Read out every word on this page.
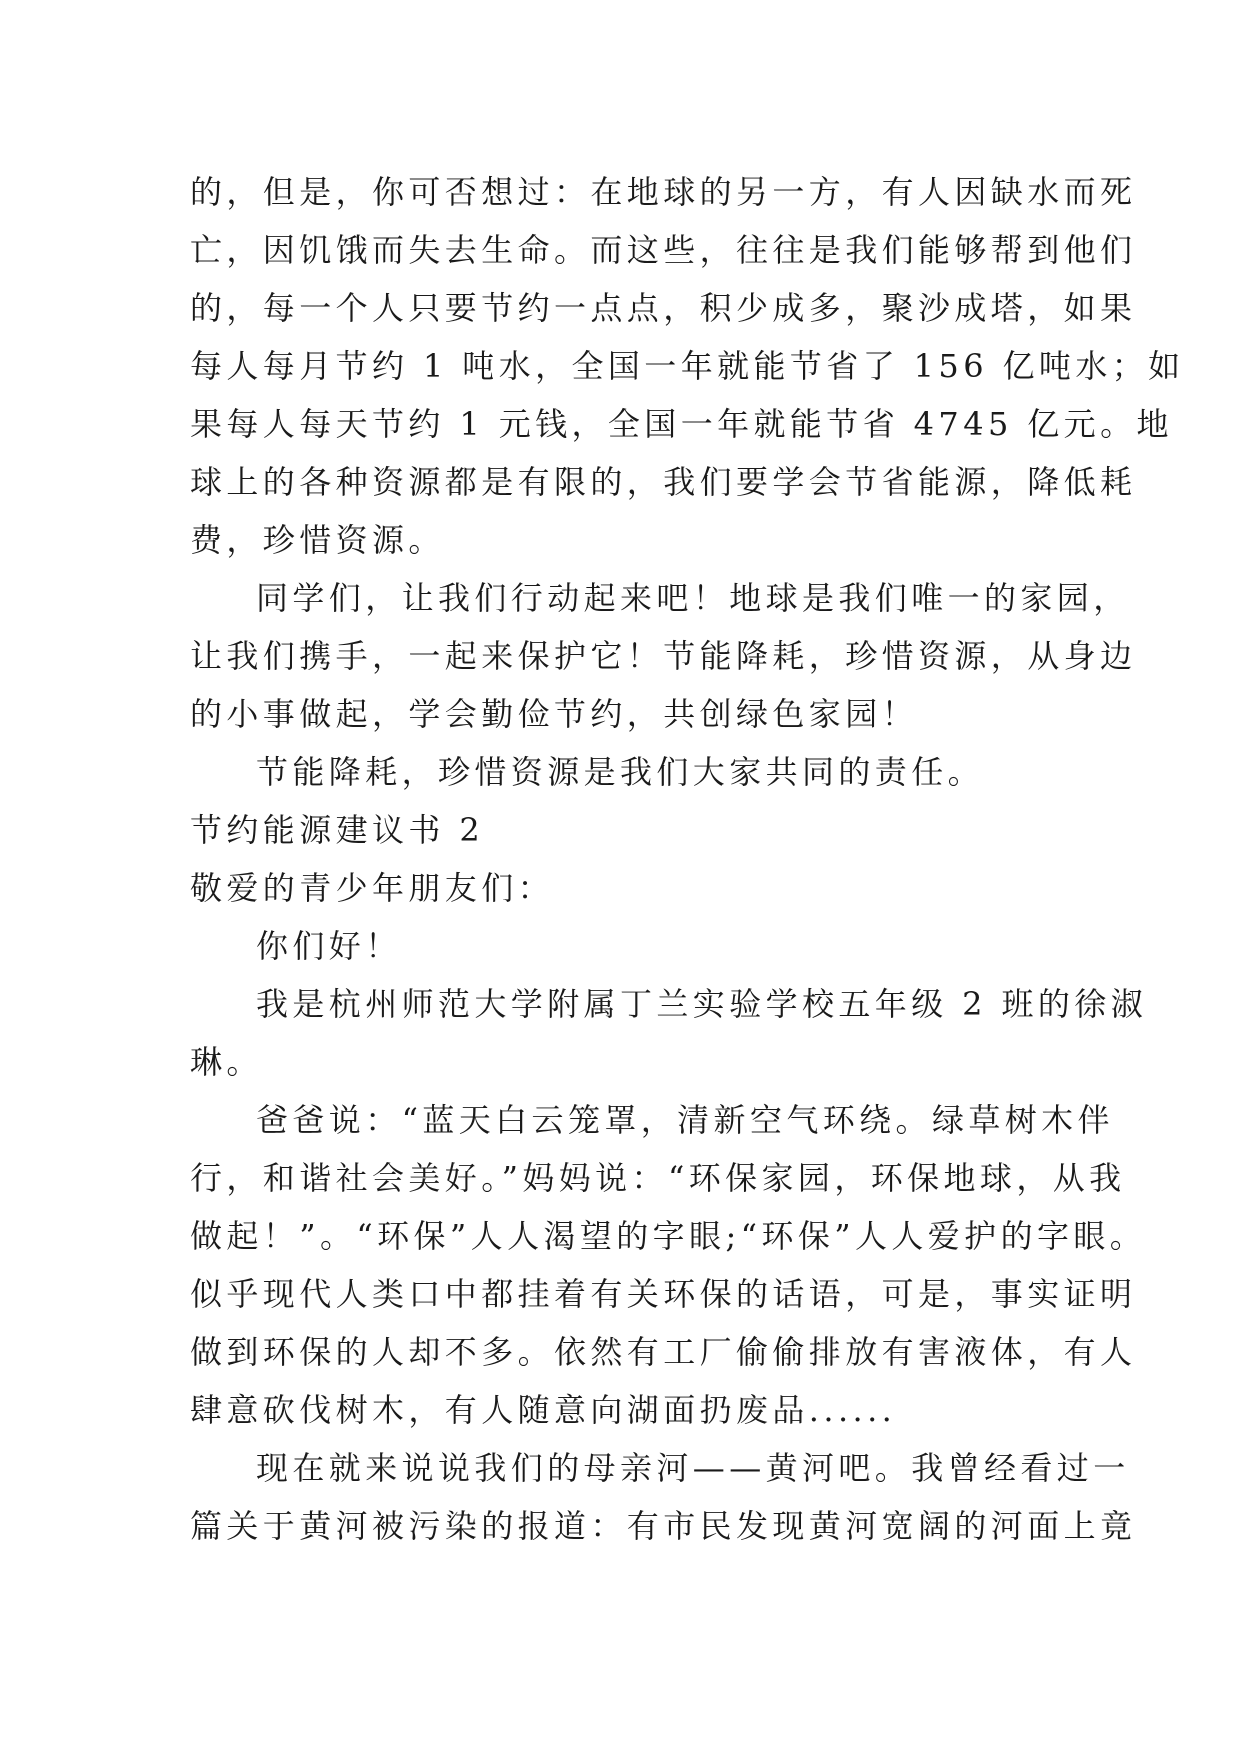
的，但是，你可否想过：在地球的另一方，有人因缺水而死

亡，因饥饿而失去生命。而这些，往往是我们能够帮到他们

的，每一个人只要节约一点点，积少成多，聚沙成塔，如果

每人每月节约 1 吨水，全国一年就能节省了 156 亿吨水；如

果每人每天节约 1 元钱，全国一年就能节省 4745 亿元。地

球上的各种资源都是有限的，我们要学会节省能源，降低耗

费，珍惜资源。

同学们，让我们行动起来吧！地球是我们唯一的家园，

让我们携手，一起来保护它！节能降耗，珍惜资源，从身边

的小事做起，学会勤俭节约，共创绿色家园！

节能降耗，珍惜资源是我们大家共同的责任。

节约能源建议书 2

敬爱的青少年朋友们：

你们好！

我是杭州师范大学附属丁兰实验学校五年级 2 班的徐淑

琳。

爸爸说：“蓝天白云笼罩，清新空气环绕。绿草树木伴

行，和谐社会美好。”妈妈说：“环保家园，环保地球，从我

做起！”。“环保”人人渴望的字眼;“环保”人人爱护的字眼。

似乎现代人类口中都挂着有关环保的话语，可是，事实证明

做到环保的人却不多。依然有工厂偷偷排放有害液体，有人

肆意砍伐树木，有人随意向湖面扔废品......

现在就来说说我们的母亲河——黄河吧。我曾经看过一

篇关于黄河被污染的报道：有市民发现黄河宽阔的河面上竟
